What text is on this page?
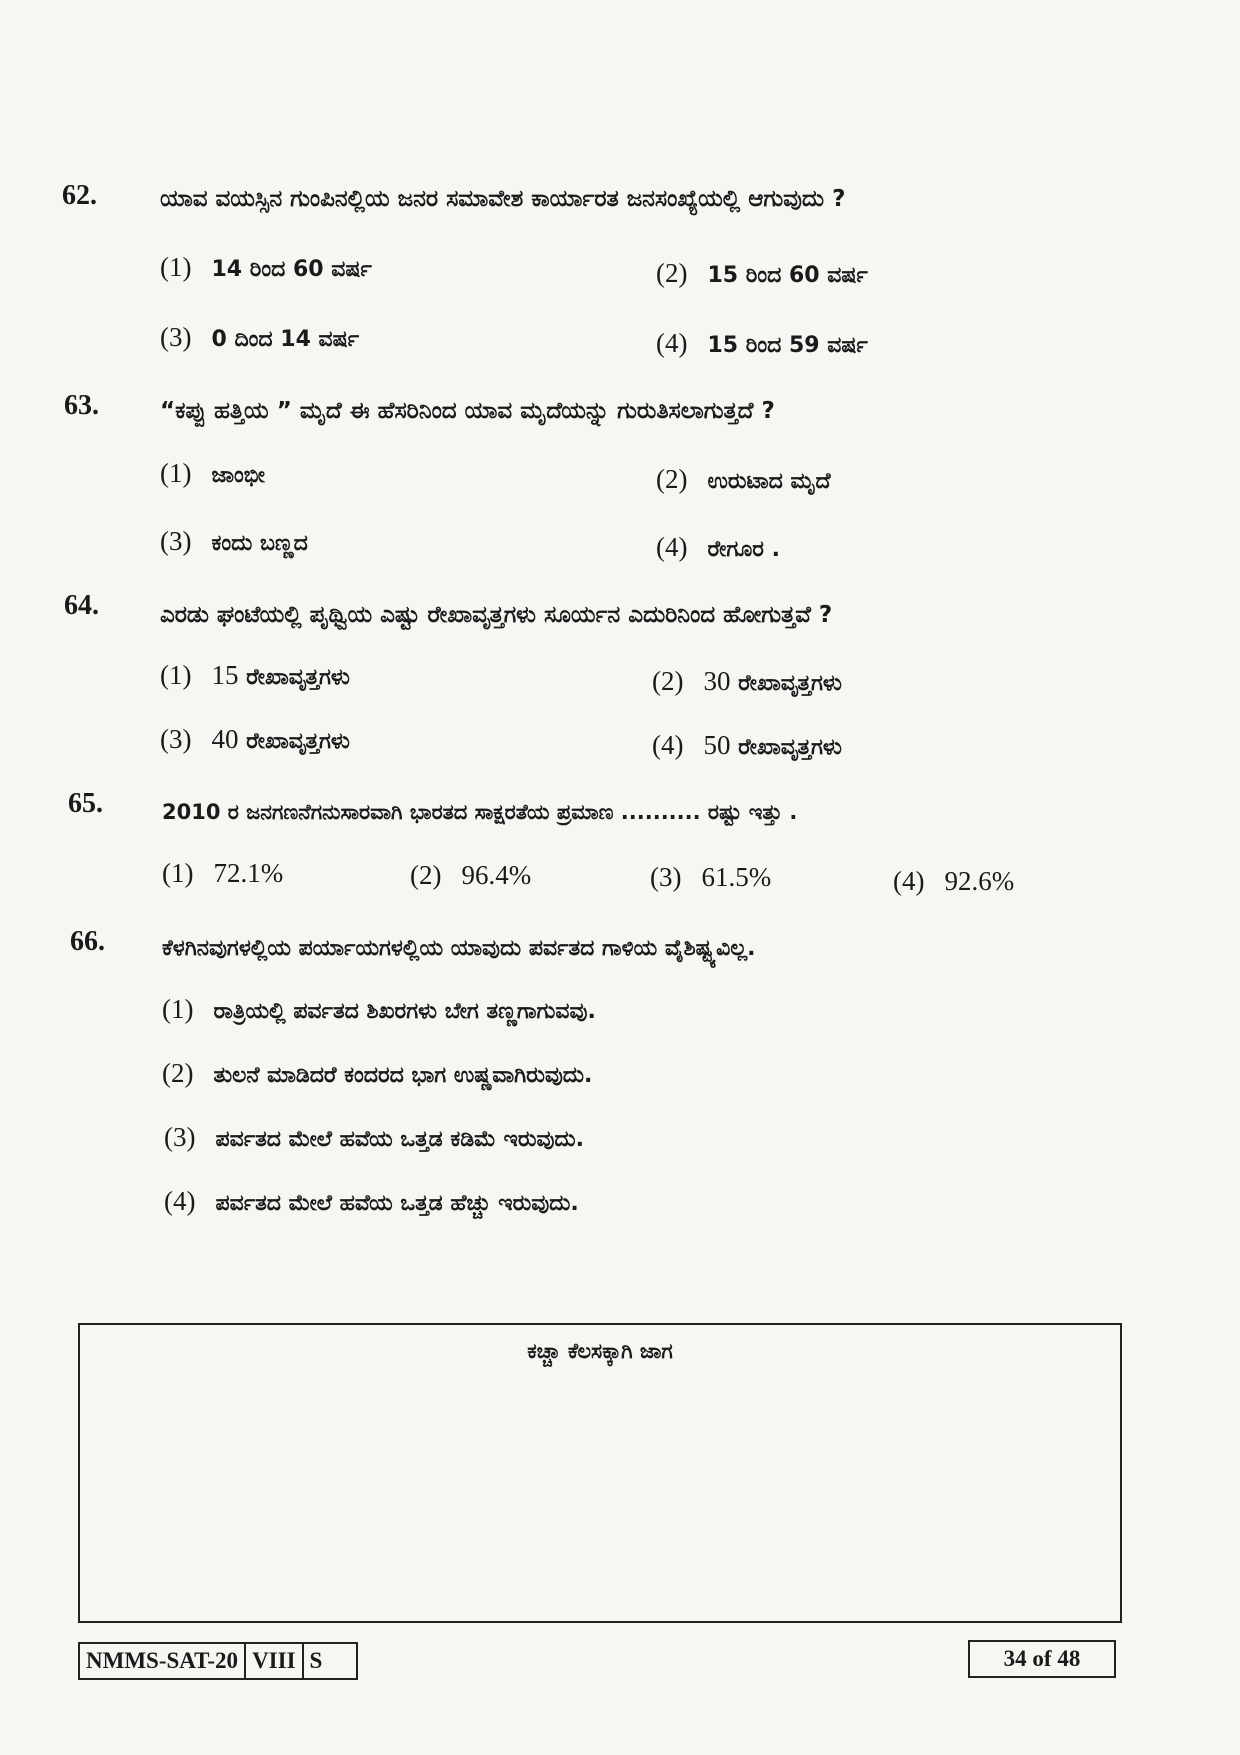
62.	ಯಾವ ವಯಸ್ಸಿನ ಗುಂಪಿನಲ್ಲಿಯ ಜನರ ಸಮಾವೇಶ ಕಾರ್ಯಾರತ ಜನಸಂಖ್ಯೆಯಲ್ಲಿ ಆಗುವುದು ?
(1) 14 ರಿಂದ 60 ವರ್ಷ	(2) 15 ರಿಂದ 60 ವರ್ಷ
(3) 0 ದಿಂದ 14 ವರ್ಷ	(4) 15 ರಿಂದ 59 ವರ್ಷ
63.	“ಕಪ್ಪು ಹತ್ತಿಯ ” ಮೃದೆ ಈ ಹೆಸರಿನಿಂದ ಯಾವ ಮೃದೆಯನ್ನು ಗುರುತಿಸಲಾಗುತ್ತದೆ ?
(1) ಜಾಂಭೀ	(2) ಉರುಟಾದ ಮೃದೆ
(3) ಕಂದು ಬಣ್ಣದ	(4) ರೇಗೂರ .
64.	ಎರಡು ಘಂಟೆಯಲ್ಲಿ ಪೃಥ್ವಿಯ ಎಷ್ಟು ರೇಖಾವೃತ್ತಗಳು ಸೂರ್ಯನ ಎದುರಿನಿಂದ ಹೋಗುತ್ತವೆ ?
(1) 15 ರೇಖಾವೃತ್ತಗಳು	(2) 30 ರೇಖಾವೃತ್ತಗಳು
(3) 40 ರೇಖಾವೃತ್ತಗಳು	(4) 50 ರೇಖಾವೃತ್ತಗಳು
65.	2010 ರ ಜನಗಣನೆಗನುಸಾರವಾಗಿ ಭಾರತದ ಸಾಕ್ಷರತೆಯ ಪ್ರಮಾಣ .......... ರಷ್ಟು ಇತ್ತು .
(1) 72.1%	(2) 96.4%	(3) 61.5%	(4) 92.6%
66.	ಕೆಳಗಿನವುಗಳಲ್ಲಿಯ ಪರ್ಯಾಯಗಳಲ್ಲಿಯ ಯಾವುದು ಪರ್ವತದ ಗಾಳಿಯ ವೈಶಿಷ್ಟ್ಯವಿಲ್ಲ.
(1) ರಾತ್ರಿಯಲ್ಲಿ ಪರ್ವತದ ಶಿಖರಗಳು ಬೇಗ ತಣ್ಣಗಾಗುವವು.
(2) ತುಲನೆ ಮಾಡಿದರೆ ಕಂದರದ ಭಾಗ ಉಷ್ಣವಾಗಿರುವುದು.
(3) ಪರ್ವತದ ಮೇಲೆ ಹವೆಯ ಒತ್ತಡ ಕಡಿಮೆ ಇರುವುದು.
(4) ಪರ್ವತದ ಮೇಲೆ ಹವೆಯ ಒತ್ತಡ ಹೆಚ್ಚು ಇರುವುದು.
ಕಚ್ಚಾ ಕೆಲಸಕ್ಕಾಗಿ ಜಾಗ
NMMS-SAT-20 VIII S	34 of 48
